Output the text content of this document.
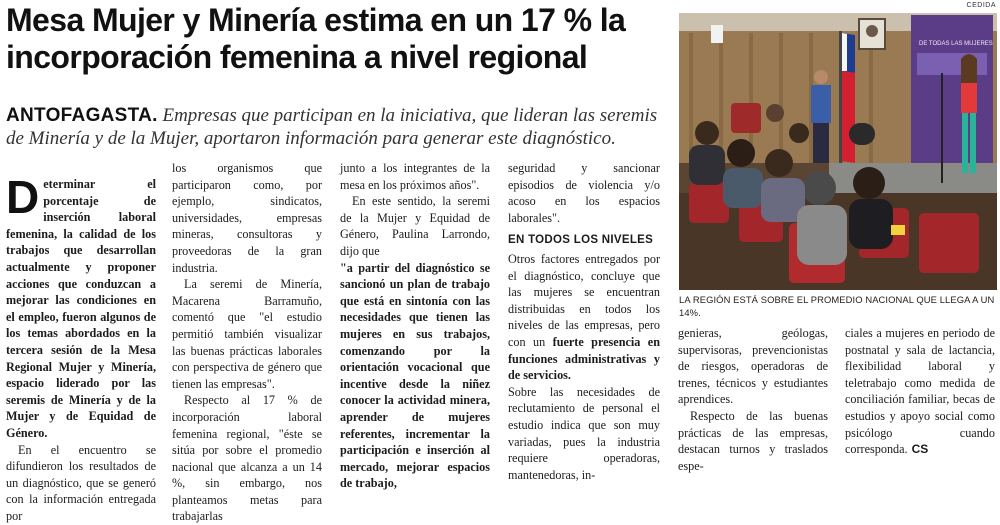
Mesa Mujer y Minería estima en un 17 % la incorporación femenina a nivel regional
ANTOFAGASTA. Empresas que participan en la iniciativa, que lideran las seremis de Minería y de la Mujer, aportaron información para generar este diagnóstico.

Determinar el porcentaje de inserción laboral femenina, la calidad de los trabajos que desarrollan actualmente y proponer acciones que conduzcan a mejorar las condiciones en el empleo, fueron algunos de los temas abordados en la tercera sesión de la Mesa Regional Mujer y Minería, espacio liderado por las seremis de Minería y de la Mujer y de Equidad de Género.

En el encuentro se difundieron los resultados de un diagnóstico, que se generó con la información entregada por

los organismos que participaron como, por ejemplo, sindicatos, universidades, empresas mineras, consultoras y proveedoras de la gran industria.

La seremi de Minería, Macarena Barramuño, comentó que "el estudio permitió también visualizar las buenas prácticas laborales con perspectiva de género que tienen las empresas".

Respecto al 17 % de incorporación laboral femenina regional, "éste se sitúa por sobre el promedio nacional que alcanza a un 14 %, sin embargo, nos planteamos metas para trabajarlas

junto a los integrantes de la mesa en los próximos años".

En este sentido, la seremi de la Mujer y Equidad de Género, Paulina Larrondo, dijo que

"a partir del diagnóstico se sancionó un plan de trabajo que está en sintonía con las necesidades que tienen las mujeres en sus trabajos, comenzando por la orientación vocacional que incentive desde la niñez conocer la actividad minera, aprender de mujeres referentes, incrementar la participación e inserción al mercado, mejorar espacios de trabajo,

seguridad y sancionar episodios de violencia y/o acoso en los espacios laborales".

EN TODOS LOS NIVELES

Otros factores entregados por el diagnóstico, concluye que las mujeres se encuentran distribuidas en todos los niveles de las empresas, pero con un fuerte presencia en funciones administrativas y de servicios.

Sobre las necesidades de reclutamiento de personal el estudio indica que son muy variadas, pues la industria requiere operadoras, mantenedoras, in-

CEDIDA
DE TODAS LAS MUJERES
LA REGIÓN ESTÁ SOBRE EL PROMEDIO NACIONAL QUE LLEGA A UN 14%.

genieras, geólogas, supervisoras, prevencionistas de riesgos, operadoras de trenes, técnicos y estudiantes aprendices.

Respecto de las buenas prácticas de las empresas, destacan turnos y traslados espe-

ciales a mujeres en periodo de postnatal y sala de lactancia, flexibilidad laboral y teletrabajo como medida de conciliación familiar, becas de estudios y apoyo social como psicólogo cuando corresponda. CS
